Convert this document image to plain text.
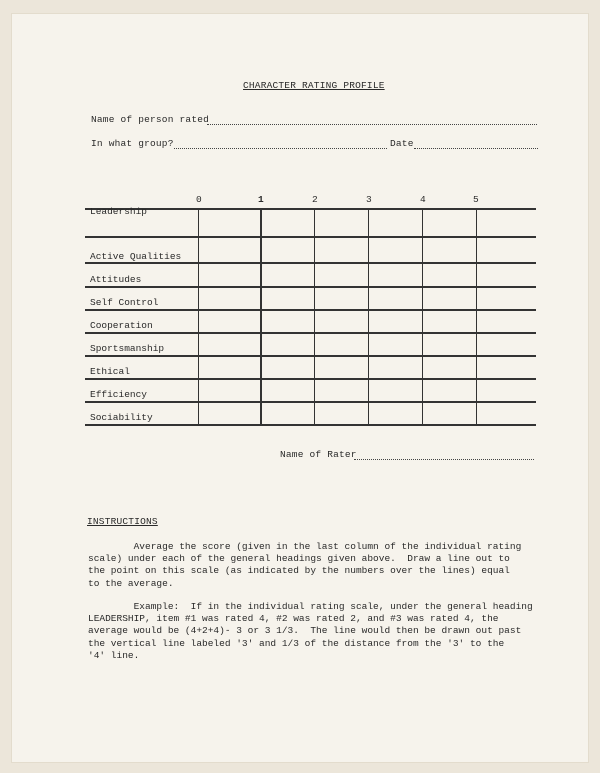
CHARACTER RATING PROFILE
Name of person rated
In what group?	Date
0	1	2	3	4	5
Leadership
Active Qualities
Attitudes
Self Control
Cooperation
Sportsmanship
Ethical
Efficiency
Sociability
Name of Rater
INSTRUCTIONS
Average the score (given in the last column of the individual rating
scale) under each of the general headings given above.  Draw a line out to
the point on this scale (as indicated by the numbers over the lines) equal
to the average.
Example:  If in the individual rating scale, under the general heading
LEADERSHIP, item #1 was rated 4, #2 was rated 2, and #3 was rated 4, the
average would be (4+2+4)- 3 or 3 1/3.  The line would then be drawn out past
the vertical line labeled '3' and 1/3 of the distance from the '3' to the
'4' line.
